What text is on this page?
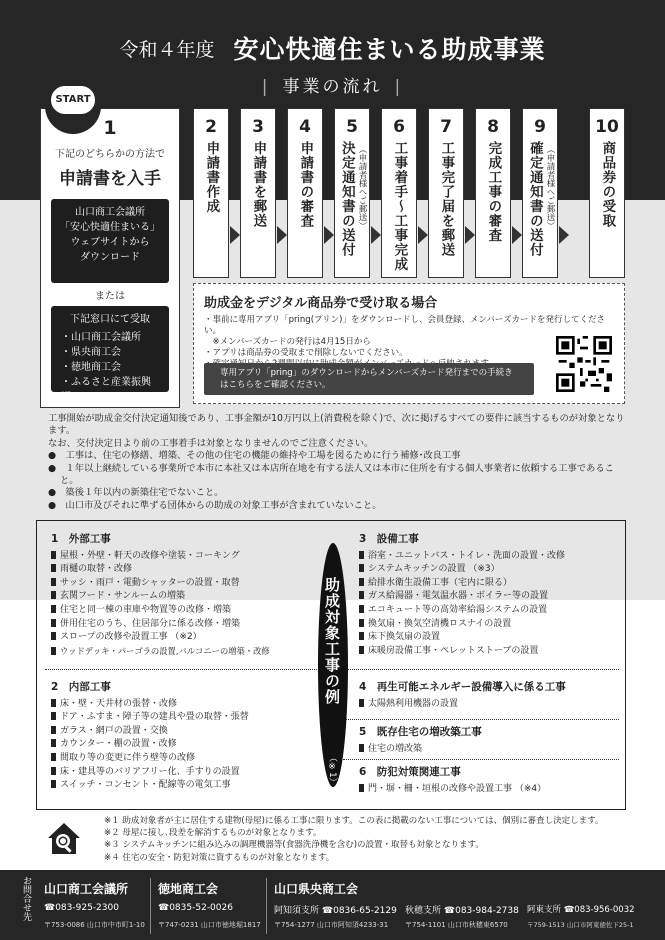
令和４年度 安心快適住まいる助成事業
| 事業の流れ |
1
下記のどちらかの方法で
申請書を入手
山口商工会議所
「安心快適住まいる」
ウェブサイトから
ダウンロード
または
下記窓口にて受取
・山口商工会議所
・県央商工会
・徳地商工会
・ふるさと産業振興課
START
2
申請書作成
3
申請書を郵送
4
申請書の審査
5
決定通知書の送付 （申請者様へご郵送）
6
工事着手〜工事完成
7
工事完了届を郵送
8
完成工事の審査
9
確定通知書の送付 （申請者様へご郵送）
10
商品券の受取
助成金をデジタル商品券で受け取る場合
・事前に専用アプリ「pring(プリン)」をダウンロードし、会員登録、メンバーズカードを発行してください。
　※メンバーズカードの発行は4月15日から
・アプリは商品券の受取まで削除しないでください。
専用アプリ「pring」のダウンロードからメンバーズカード発行までの手続きはこちらをご確認ください。
工事開始が助成金交付決定通知後であり、工事金額が10万円以上(消費税を除く)で、次に掲げるすべての要件に該当するものが対象となります。
なお、交付決定日より前の工事着手は対象となりませんのでご注意ください。
●　工事は、住宅の修繕、増築、その他の住宅の機能の維持や工場を図るために行う補修･改良工事
●　１年以上継続している事業所で本市に本社又は本店所在地を有する法人又は本市に住所を有する個人事業者に依頼する工事であること。
●　築後１年以内の新築住宅でないこと。
●　山口市及びそれに準ずる団体からの助成の対象工事が含まれていないこと。
1　外部工事
屋根・外壁・軒天の改修や塗装・コーキング
雨樋の取替・改修
サッシ・雨戸・電動シャッターの設置・取替
玄関フード・サンルームの増築
住宅と同一棟の車庫や物置等の改修・増築
併用住宅のうち、住居部分に係る改修・増築
スロープの改修や設置工事 （※2）
ウッドデッキ・パーゴラの設置,バルコニーの増築・改修
2　内部工事
床・壁・天井材の張替・改修
ドア・ふすま・障子等の建具や畳の取替・張替
ガラス・網戸の設置・交換
カウンター・棚の設置・改修
間取り等の変更に伴う壁等の改修
床・建具等のバリアフリー化、手すりの設置
スイッチ・コンセント・配線等の電気工事
助成対象工事の例
（※1）
3　設備工事
浴室・ユニットバス・トイレ・洗面の設置・改修
システムキッチンの設置 （※3）
給排水衛生設備工事（宅内に限る）
ガス給湯器・電気温水器・ボイラー等の設置
エコキュート等の高効率給湯システムの設置
換気扇・換気空清機ロスナイの設置
床下換気扇の設置
床暖房設備工事・ペレットストーブの設置
4　再生可能エネルギー設備導入に係る工事
太陽熱利用機器の設置
5　既存住宅の増改築工事
住宅の増改築
6　防犯対策関連工事
門・塀・柵・垣根の改修や設置工事 （※4）
※１ 助成対象者が主に居住する建物(母屋)に係る工事に限ります。この表に掲載のない工事については、個別に審査し決定します。
※２ 母屋に接し､段差を解消するものが対象となります。
※３ システムキッチンに組み込みの調理機器等(食器洗浄機を含む)の設置・取替も対象となります。
※４ 住宅の安全・防犯対策に資するものが対象となります。
お問合せ先 山口商工会議所
☎083-925-2300
〒753-0086 山口市中市町1-10
徳地商工会
☎0835-52-0026
〒747-0231 山口市徳地堀1817
山口県央商工会
阿知須支所 ☎0836-65-2129
〒754-1277 山口市阿知須4233-31
秋穂支所 ☎083-984-2738
〒754-1101 山口市秋穂東6570
阿東支所 ☎083-956-0032
〒759-1513 山口市阿東徳佐下25-1
